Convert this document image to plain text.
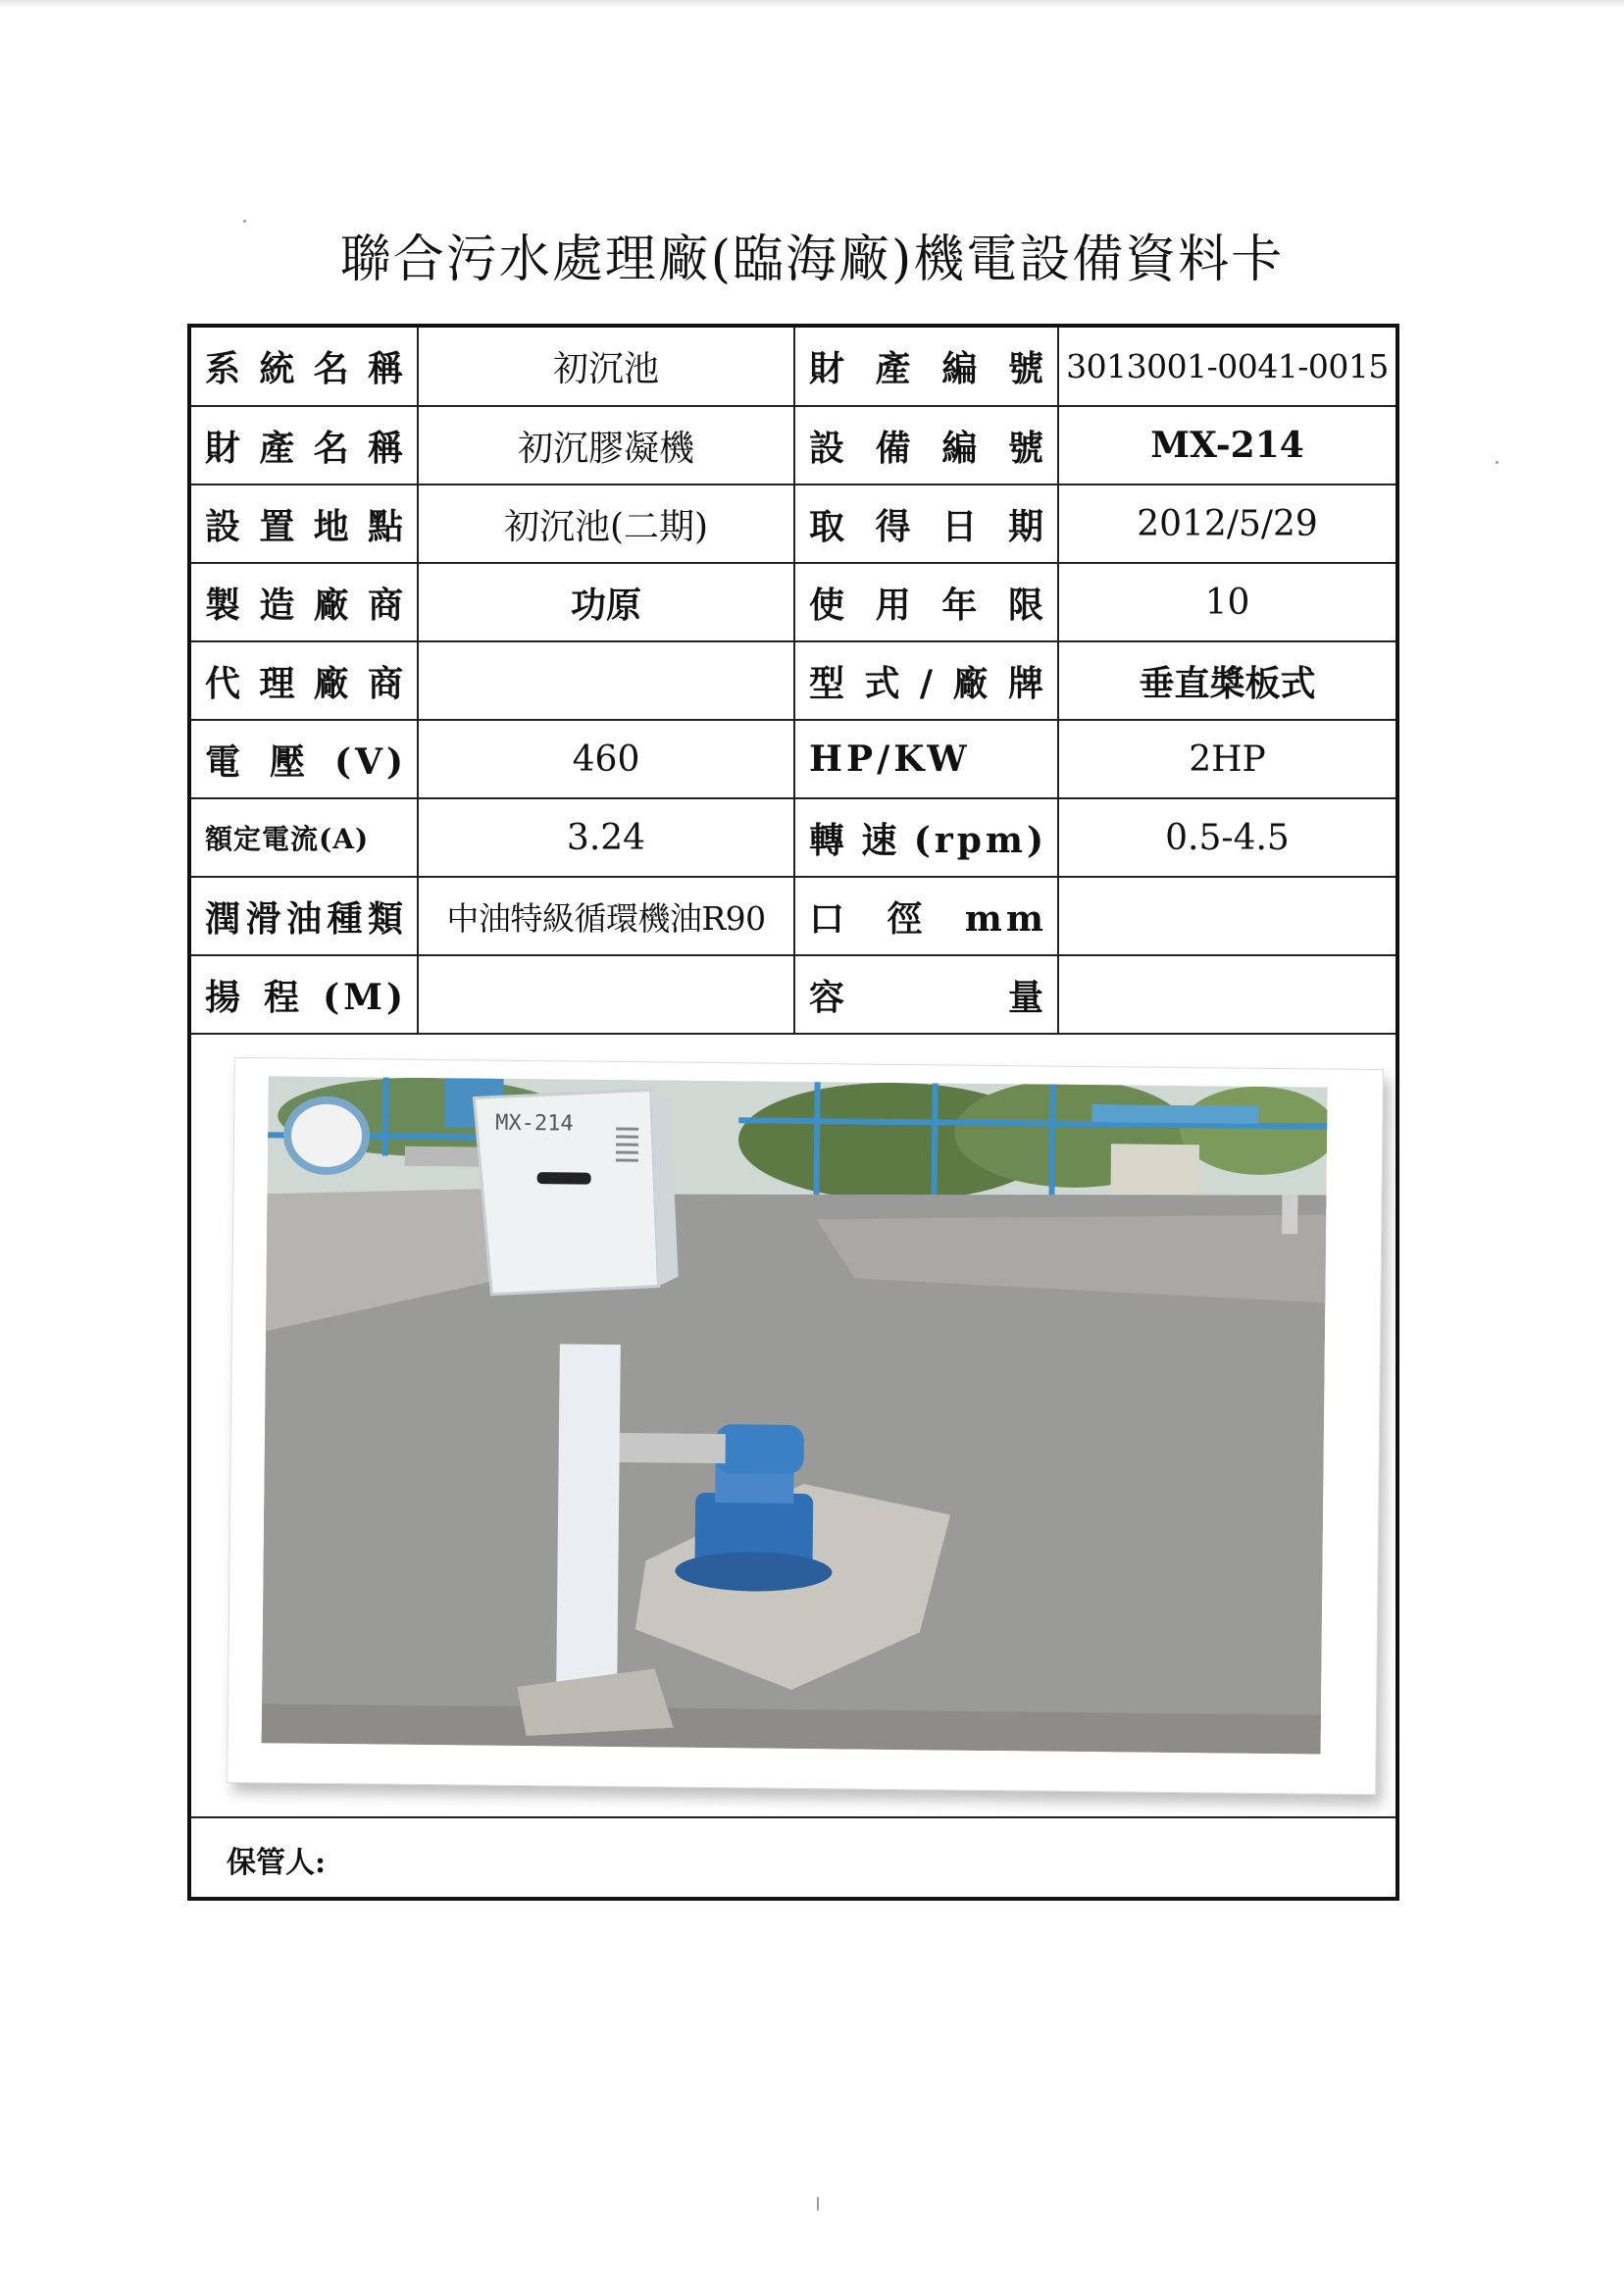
聯合污水處理廠(臨海廠)機電設備資料卡
系統名稱	初沉池	財產編號	3013001-0041-0015
財產名稱	初沉膠凝機	設備編號	MX-214
設置地點	初沉池(二期)	取得日期	2012/5/29
製造廠商	功原	使用年限	10
代理廠商		型式/廠牌	垂直槳板式
電壓(V)	460	HP/KW	2HP
額定電流(A)	3.24	轉速(rpm)	0.5-4.5
潤滑油種類	中油特級循環機油R90	口 徑 mm	
揚程(M)		容 量	
MX-214
保管人:
